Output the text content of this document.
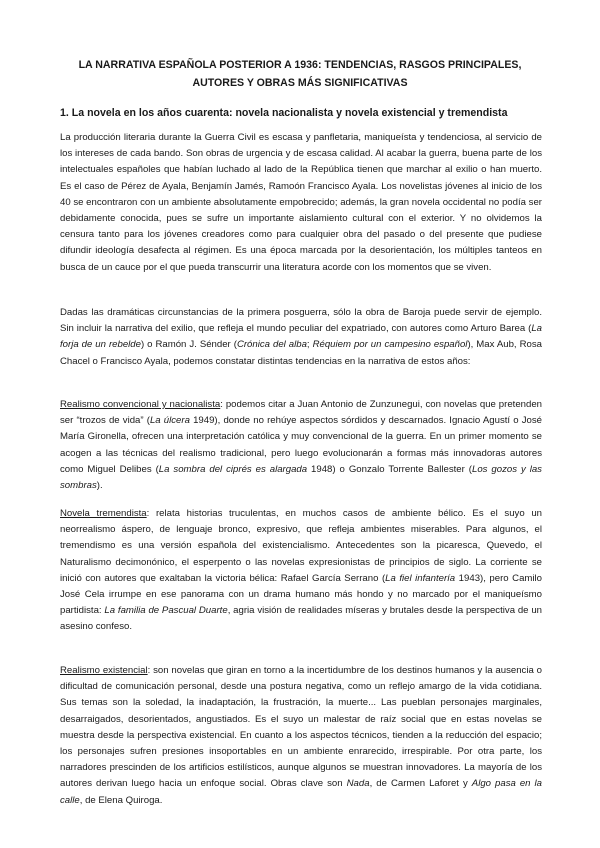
LA NARRATIVA ESPAÑOLA POSTERIOR A 1936: TENDENCIAS, RASGOS PRINCIPALES,
AUTORES Y OBRAS MÁS SIGNIFICATIVAS
1. La novela en los años cuarenta: novela nacionalista y novela existencial y tremendista

La producción literaria durante la Guerra Civil es escasa y panfletaria, maniqueísta y tendenciosa, al servicio de los intereses de cada bando. Son obras de urgencia y de escasa calidad. Al acabar la guerra, buena parte de los intelectuales españoles que habían luchado al lado de la República tienen que marchar al exilio o han muerto. Es el caso de Pérez de Ayala, Benjamín Jamés, Ramoón Francisco Ayala. Los novelistas jóvenes al inicio de los 40 se encontraron con un ambiente absolutamente empobrecido; además, la gran novela occidental no podía ser debidamente conocida, pues se sufre un importante aislamiento cultural con el exterior. Y no olvidemos la censura tanto para los jóvenes creadores como para cualquier obra del pasado o del presente que pudiese difundir ideología desafecta al régimen. Es una época marcada por la desorientación, los múltiples tanteos en busca de un cauce por el que pueda transcurrir una literatura acorde con los momentos que se viven.

Dadas las dramáticas circunstancias de la primera posguerra, sólo la obra de Baroja puede servir de ejemplo. Sin incluir la narrativa del exilio, que refleja el mundo peculiar del expatriado, con autores como Arturo Barea (La forja de un rebelde) o Ramón J. Sénder (Crónica del alba; Réquiem por un campesino español), Max Aub, Rosa Chacel o Francisco Ayala, podemos constatar distintas tendencias en la narrativa de estos años:

Realismo convencional y nacionalista: podemos citar a Juan Antonio de Zunzunegui, con novelas que pretenden ser “trozos de vida” (La úlcera 1949), donde no rehúye aspectos sórdidos y descarnados. Ignacio Agustí o José María Gironella, ofrecen una interpretación católica y muy convencional de la guerra. En un primer momento se acogen a las técnicas del realismo tradicional, pero luego evolucionarán a formas más innovadoras autores como Miguel Delibes (La sombra del ciprés es alargada 1948) o Gonzalo Torrente Ballester (Los gozos y las sombras).

Novela tremendista: relata historias truculentas, en muchos casos de ambiente bélico. Es el suyo un neorrealismo áspero, de lenguaje bronco, expresivo, que refleja ambientes miserables. Para algunos, el tremendismo es una versión española del existencialismo. Antecedentes son la picaresca, Quevedo, el Naturalismo decimonónico, el esperpento o las novelas expresionistas de principios de siglo. La corriente se inició con autores que exaltaban la victoria bélica: Rafael García Serrano (La fiel infantería 1943), pero Camilo José Cela irrumpe en ese panorama con un drama humano más hondo y no marcado por el maniqueísmo partidista: La familia de Pascual Duarte, agria visión de realidades míseras y brutales desde la perspectiva de un asesino confeso.

Realismo existencial: son novelas que giran en torno a la incertidumbre de los destinos humanos y la ausencia o dificultad de comunicación personal, desde una postura negativa, como un reflejo amargo de la vida cotidiana. Sus temas son la soledad, la inadaptación, la frustración, la muerte... Las pueblan personajes marginales, desarraigados, desorientados, angustiados. Es el suyo un malestar de raíz social que en estas novelas se muestra desde la perspectiva existencial. En cuanto a los aspectos técnicos, tienden a la reducción del espacio; los personajes sufren presiones insoportables en un ambiente enrarecido, irrespirable. Por otra parte, los narradores prescinden de los artificios estilísticos, aunque algunos se muestran innovadores. La mayoría de los autores derivan luego hacia un enfoque social. Obras clave son Nada, de Carmen Laforet y Algo pasa en la calle, de Elena Quiroga.
